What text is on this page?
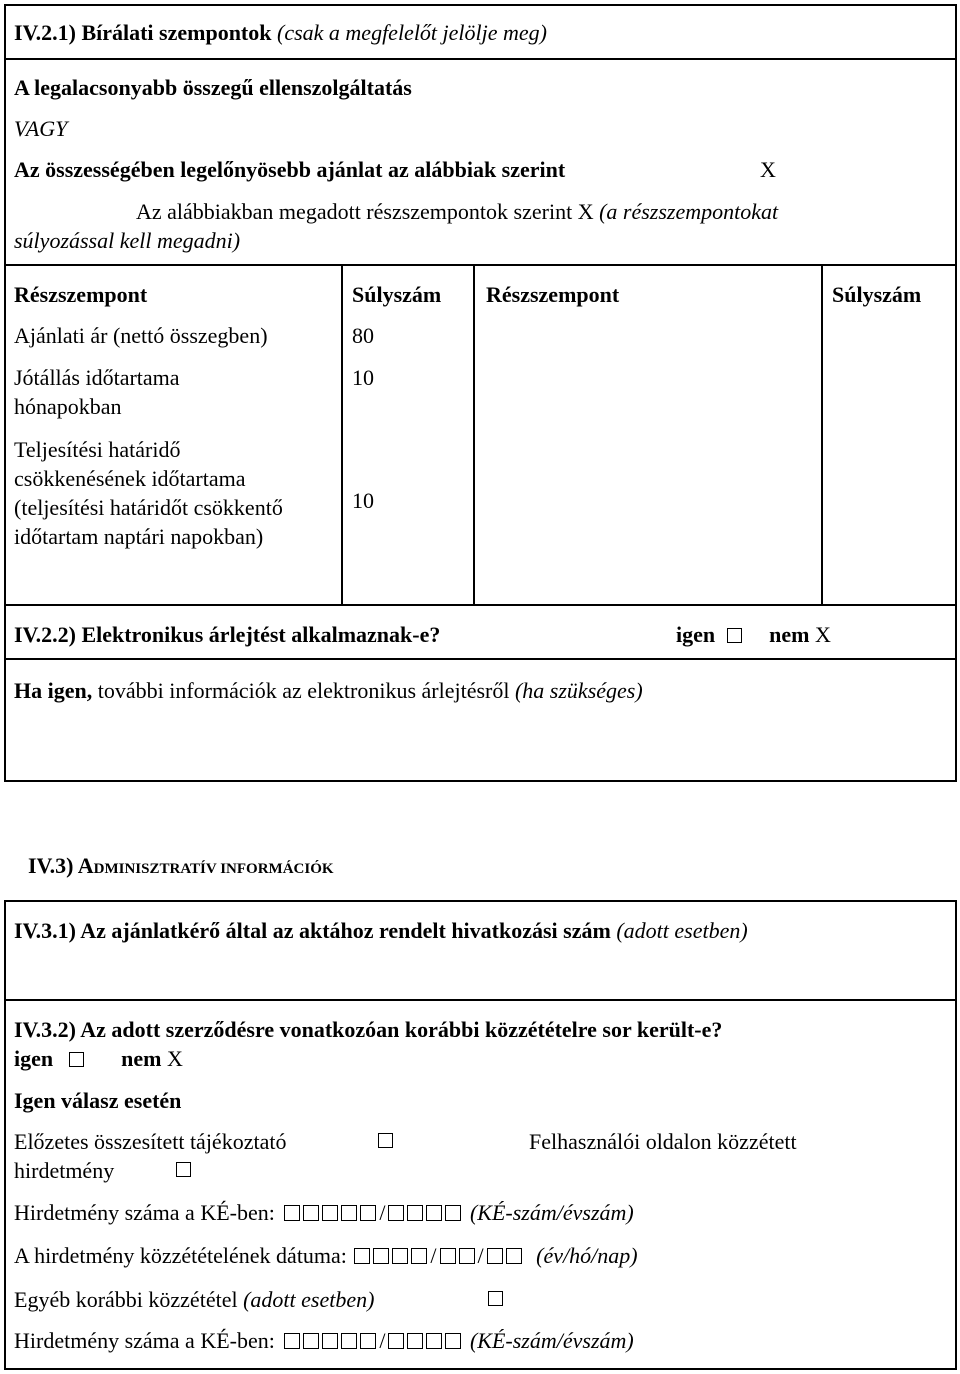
IV.2.1) Bírálati szempontok (csak a megfelelőt jelölje meg)
A legalacsonyabb összegű ellenszolgáltatás
VAGY
Az összességében legelőnyösebb ajánlat az alábbiak szerint	X
Az alábbiakban megadott részszempontok szerint X (a részszempontokat
súlyozással kell megadni)
Részszempont	Súlyszám Részszempont	Súlyszám
Ajánlati ár (nettó összegben)	80
Jótállás időtartama
hónapokban
10
Teljesítési határidő
csökkenésének időtartama
(teljesítési határidőt csökkentő
időtartam naptári napokban)
10
IV.2.2) Elektronikus árlejtést alkalmaznak-e?	igen nem X
Ha igen, további információk az elektronikus árlejtésről (ha szükséges)
IV.3) ADMINISZTRATÍV INFORMÁCIÓK
IV.3.1) Az ajánlatkérő által az aktához rendelt hivatkozási szám (adott esetben)
IV.3.2) Az adott szerződésre vonatkozóan korábbi közzétételre sor került-e?
igen	nem X
Igen válasz esetén
Előzetes összesített tájékoztató	Felhasználói oldalon közzétett
hirdetmény
Hirdetmény száma a KÉ-ben:	/	(KÉ-szám/évszám)
A hirdetmény közzétételének dátuma:	/ / (év/hó/nap)
Egyéb korábbi közzététel (adott esetben)
Hirdetmény száma a KÉ-ben:	/	(KÉ-szám/évszám)
